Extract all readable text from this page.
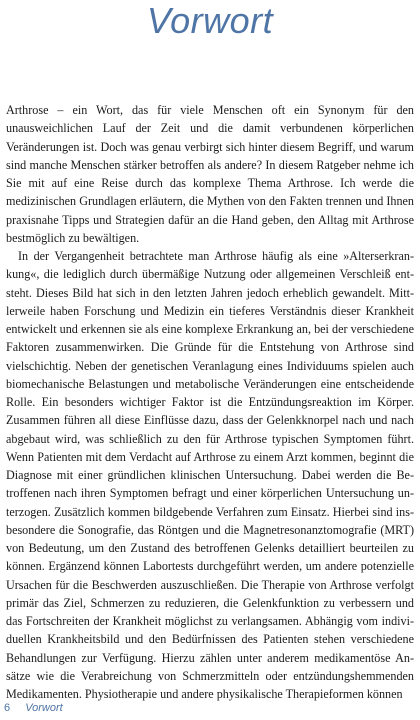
Vorwort

Arthrose – ein Wort, das für viele Menschen oft ein Synonym für den unausweichlichen Lauf der Zeit und die damit verbundenen körperlichen Veränderungen ist. Doch was genau verbirgt sich hinter diesem Begriff, und warum sind manche Menschen stärker betroffen als andere? In diesem Ratgeber nehme ich Sie mit auf eine Reise durch das komplexe Thema Arthrose. Ich werde die medizinischen Grundlagen erläutern, die Mythen von den Fakten trennen und Ihnen praxisnahe Tipps und Strategien dafür an die Hand geben, den Alltag mit Arthrose bestmöglich zu bewältigen.

In der Vergangenheit betrachtete man Arthrose häufig als eine »Alterserkrankung«, die lediglich durch übermäßige Nutzung oder allgemeinen Verschleiß entsteht. Dieses Bild hat sich in den letzten Jahren jedoch erheblich gewandelt. Mittlerweile haben Forschung und Medizin ein tieferes Verständnis dieser Krankheit entwickelt und erkennen sie als eine komplexe Erkrankung an, bei der verschiedene Faktoren zusammenwirken. Die Gründe für die Entstehung von Arthrose sind vielschichtig. Neben der genetischen Veranlagung eines Individuums spielen auch biomechanische Belastungen und metabolische Veränderungen eine entscheidende Rolle. Ein besonders wichtiger Faktor ist die Entzündungsreaktion im Körper. Zusammen führen all diese Einflüsse dazu, dass der Gelenkknorpel nach und nach abgebaut wird, was schließlich zu den für Arthrose typischen Symptomen führt. Wenn Patienten mit dem Verdacht auf Arthrose zu einem Arzt kommen, beginnt die Diagnose mit einer gründlichen klinischen Untersuchung. Dabei werden die Betroffenen nach ihren Symptomen befragt und einer körperlichen Untersuchung unterzogen. Zusätzlich kommen bildgebende Verfahren zum Einsatz. Hierbei sind insbesondere die Sonografie, das Röntgen und die Magnetresonanztomografie (MRT) von Bedeutung, um den Zustand des betroffenen Gelenks detailliert beurteilen zu können. Ergänzend können Labortests durchgeführt werden, um andere potenzielle Ursachen für die Beschwerden auszuschließen. Die Therapie von Arthrose verfolgt primär das Ziel, Schmerzen zu reduzieren, die Gelenkfunktion zu verbessern und das Fortschreiten der Krankheit möglichst zu verlangsamen. Abhängig vom individuellen Krankheitsbild und den Bedürfnissen des Patienten stehen verschiedene Behandlungen zur Verfügung. Hierzu zählen unter anderem medikamentöse Ansätze wie die Verabreichung von Schmerzmitteln oder entzündungshemmenden Medikamenten. Physiotherapie und andere physikalische Therapieformen können

6 Vorwort
